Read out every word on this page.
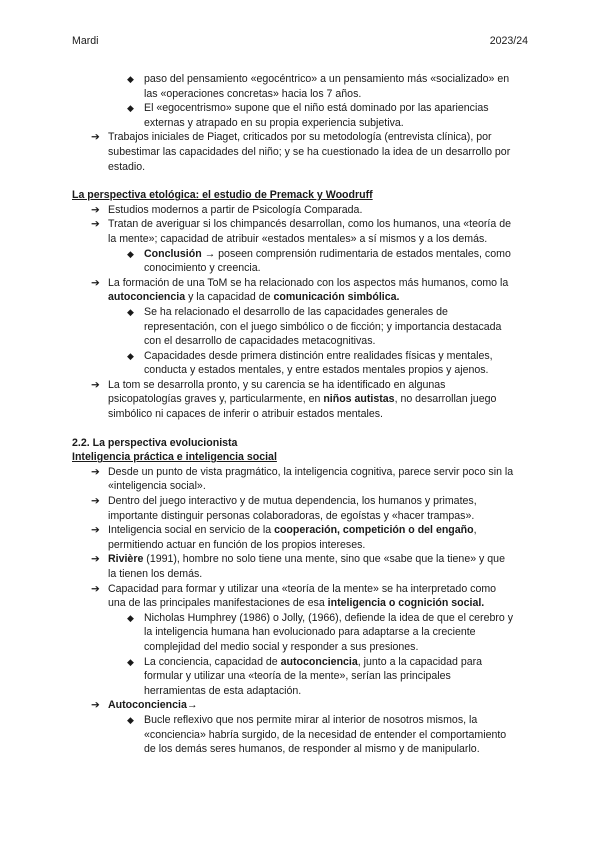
Mardi	2023/24
◆ paso del pensamiento «egocéntrico» a un pensamiento más «socializado» en las «operaciones concretas» hacia los 7 años.
◆ El «egocentrismo» supone que el niño está dominado por las apariencias externas y atrapado en su propia experiencia subjetiva.
➔ Trabajos iniciales de Piaget, criticados por su metodología (entrevista clínica), por subestimar las capacidades del niño; y se ha cuestionado la idea de un desarrollo por estadio.
La perspectiva etológica: el estudio de Premack y Woodruff
➔ Estudios modernos a partir de Psicología Comparada.
➔ Tratan de averiguar si los chimpancés desarrollan, como los humanos, una «teoría de la mente»; capacidad de atribuir «estados mentales» a sí mismos y a los demás.
◆ Conclusión → poseen comprensión rudimentaria de estados mentales, como conocimiento y creencia.
➔ La formación de una ToM se ha relacionado con los aspectos más humanos, como la autoconciencia y la capacidad de comunicación simbólica.
◆ Se ha relacionado el desarrollo de las capacidades generales de representación, con el juego simbólico o de ficción; y importancia destacada con el desarrollo de capacidades metacognitivas.
◆ Capacidades desde primera distinción entre realidades físicas y mentales, conducta y estados mentales, y entre estados mentales propios y ajenos.
➔ La tom se desarrolla pronto, y su carencia se ha identificado en algunas psicopatologías graves y, particularmente, en niños autistas, no desarrollan juego simbólico ni capaces de inferir o atribuir estados mentales.
2.2. La perspectiva evolucionista
Inteligencia práctica e inteligencia social
➔ Desde un punto de vista pragmático, la inteligencia cognitiva, parece servir poco sin la «inteligencia social».
➔ Dentro del juego interactivo y de mutua dependencia, los humanos y primates, importante distinguir personas colaboradoras, de egoístas y «hacer trampas».
➔ Inteligencia social en servicio de la cooperación, competición o del engaño, permitiendo actuar en función de los propios intereses.
➔ Rivière (1991), hombre no solo tiene una mente, sino que «sabe que la tiene» y que la tienen los demás.
➔ Capacidad para formar y utilizar una «teoría de la mente» se ha interpretado como una de las principales manifestaciones de esa inteligencia o cognición social.
◆ Nicholas Humphrey (1986) o Jolly, (1966), defiende la idea de que el cerebro y la inteligencia humana han evolucionado para adaptarse a la creciente complejidad del medio social y responder a sus presiones.
◆ La conciencia, capacidad de autoconciencia, junto a la capacidad para formular y utilizar una «teoría de la mente», serían las principales herramientas de esta adaptación.
➔ Autoconciencia→
◆ Bucle reflexivo que nos permite mirar al interior de nosotros mismos, la «conciencia» habría surgido, de la necesidad de entender el comportamiento de los demás seres humanos, de responder al mismo y de manipularlo.
